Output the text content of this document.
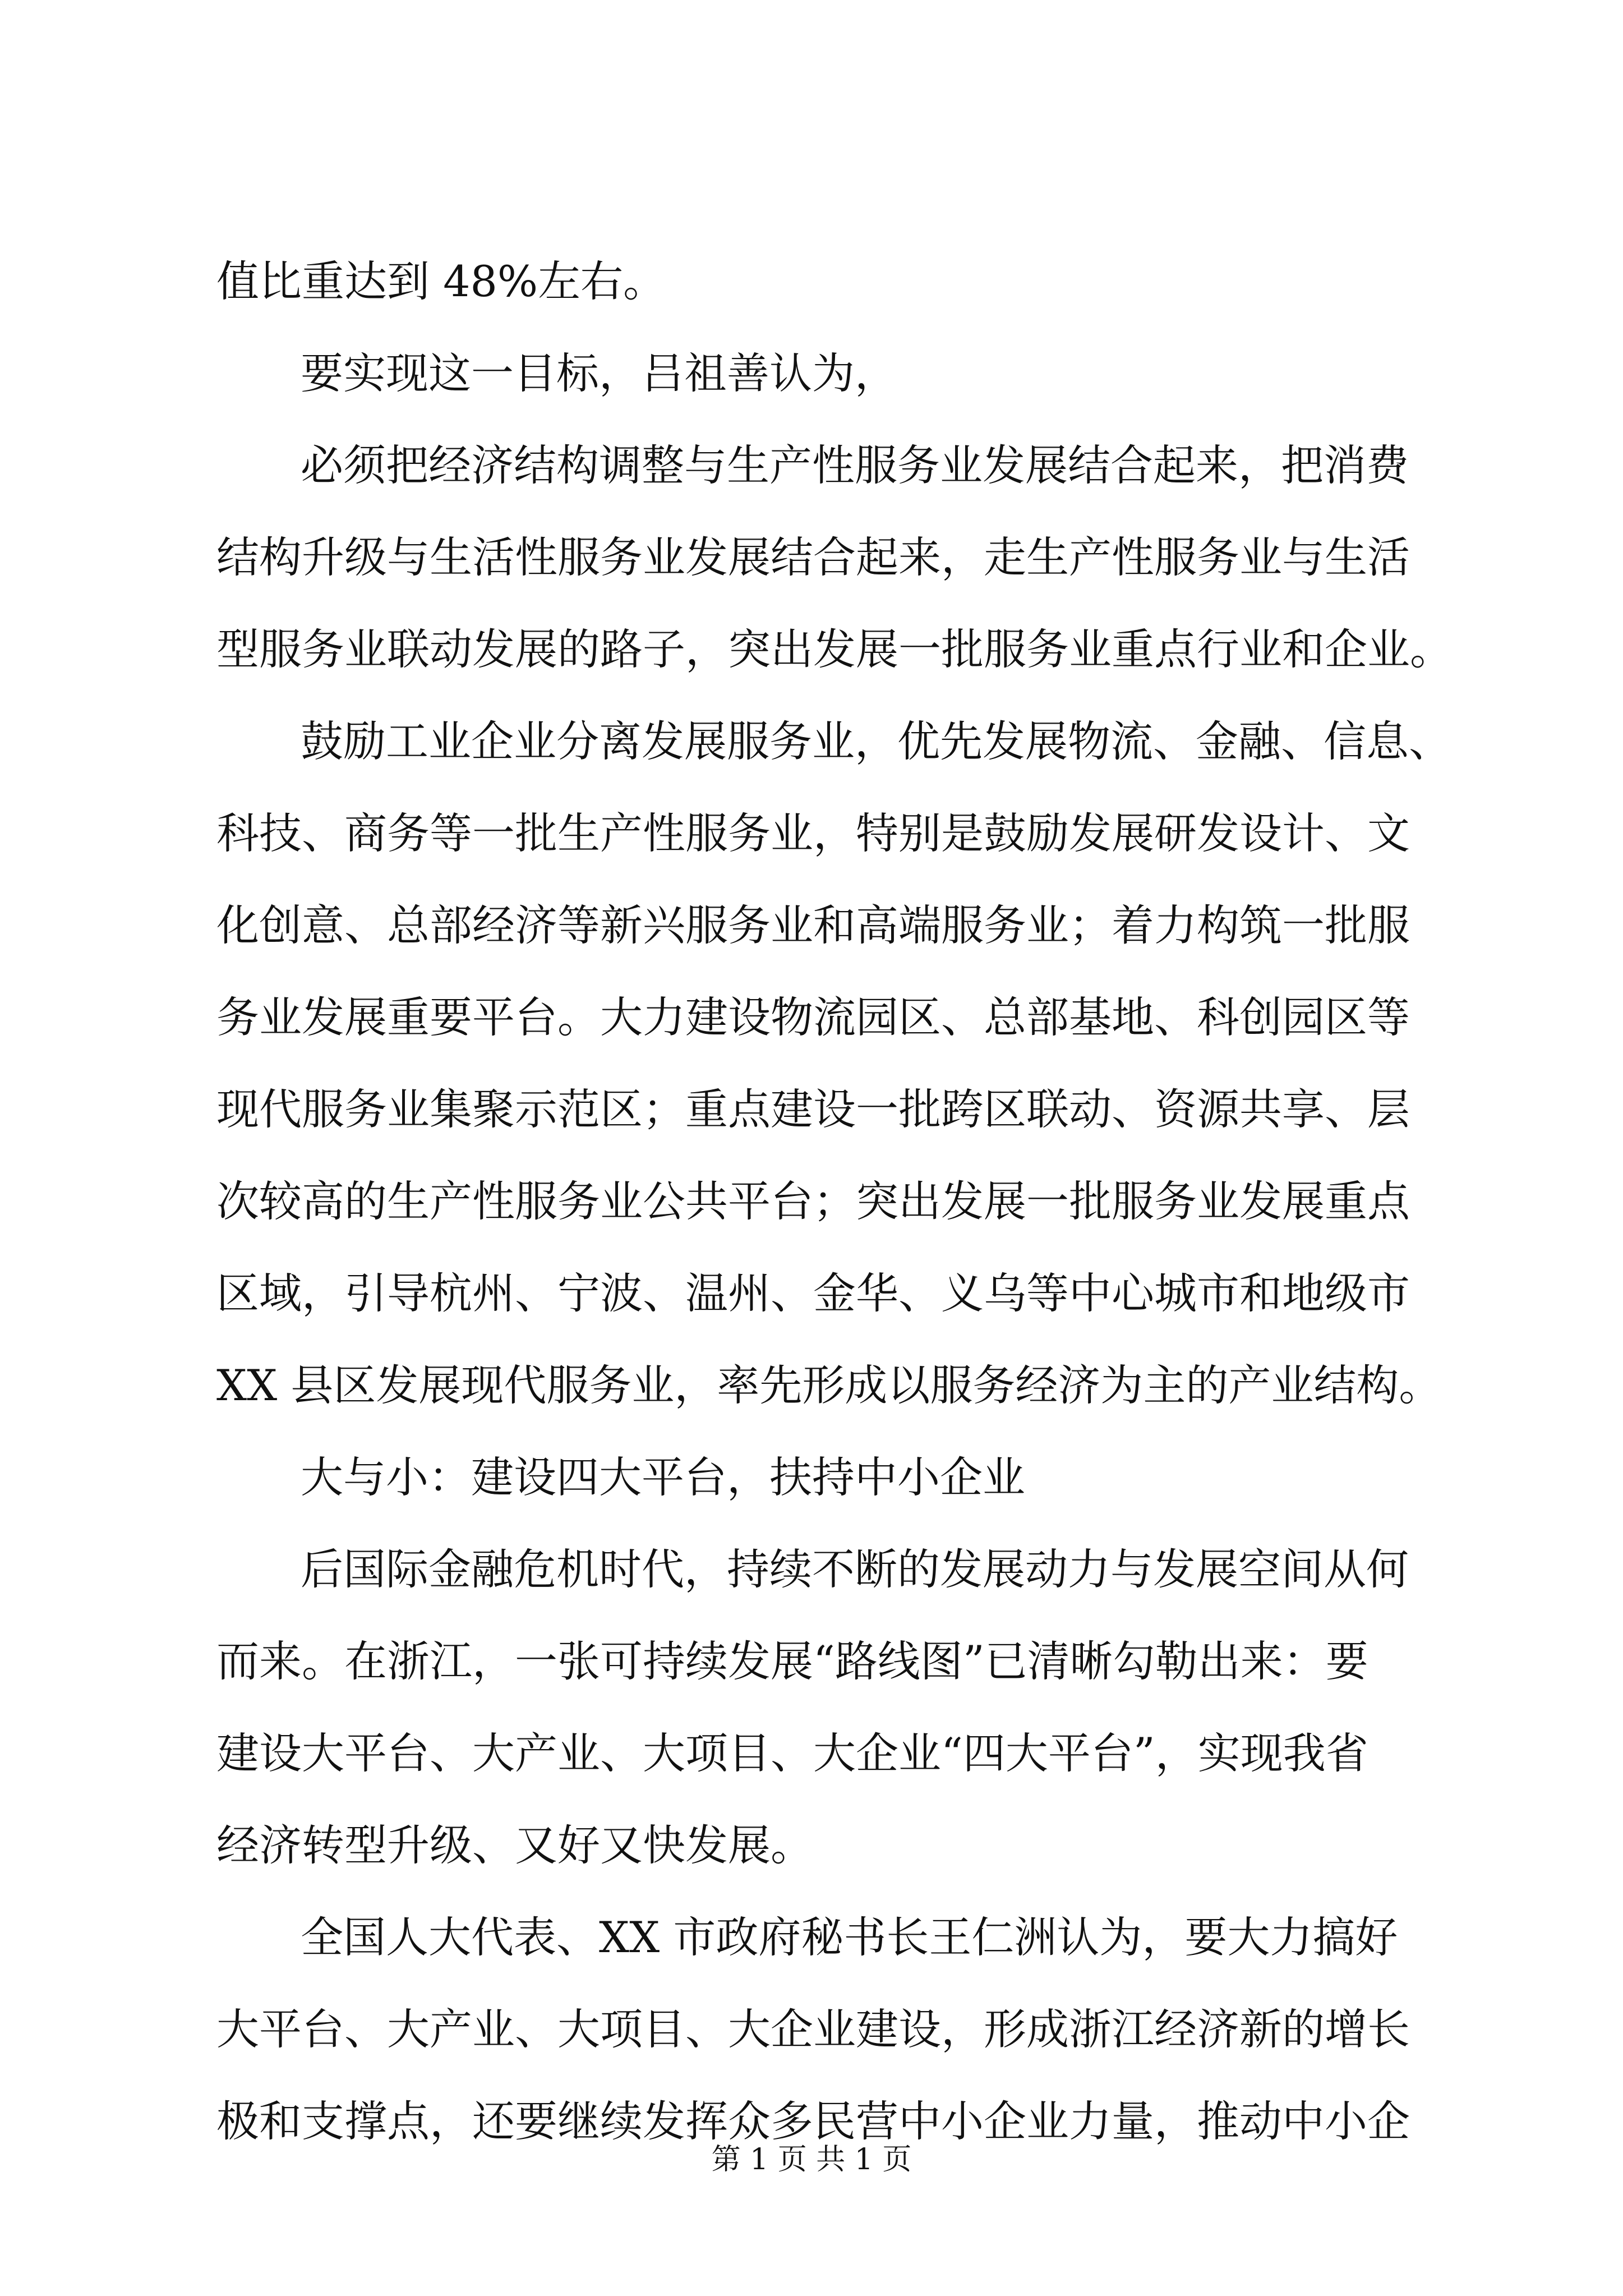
值比重达到 48%左右。
要实现这一目标，吕祖善认为，
必须把经济结构调整与生产性服务业发展结合起来，把消费
结构升级与生活性服务业发展结合起来，走生产性服务业与生活
型服务业联动发展的路子，突出发展一批服务业重点行业和企业。
鼓励工业企业分离发展服务业，优先发展物流、金融、信息、
科技、商务等一批生产性服务业，特别是鼓励发展研发设计、文
化创意、总部经济等新兴服务业和高端服务业；着力构筑一批服
务业发展重要平台。大力建设物流园区、总部基地、科创园区等
现代服务业集聚示范区；重点建设一批跨区联动、资源共享、层
次较高的生产性服务业公共平台；突出发展一批服务业发展重点
区域，引导杭州、宁波、温州、金华、义乌等中心城市和地级市
XX 县区发展现代服务业，率先形成以服务经济为主的产业结构。
大与小：建设四大平台，扶持中小企业
后国际金融危机时代，持续不断的发展动力与发展空间从何
而来。在浙江，一张可持续发展“路线图”已清晰勾勒出来：要
建设大平台、大产业、大项目、大企业“四大平台”，实现我省
经济转型升级、又好又快发展。
全国人大代表、XX 市政府秘书长王仁洲认为，要大力搞好
大平台、大产业、大项目、大企业建设，形成浙江经济新的增长
极和支撑点，还要继续发挥众多民营中小企业力量，推动中小企
第 1 页 共 1 页
